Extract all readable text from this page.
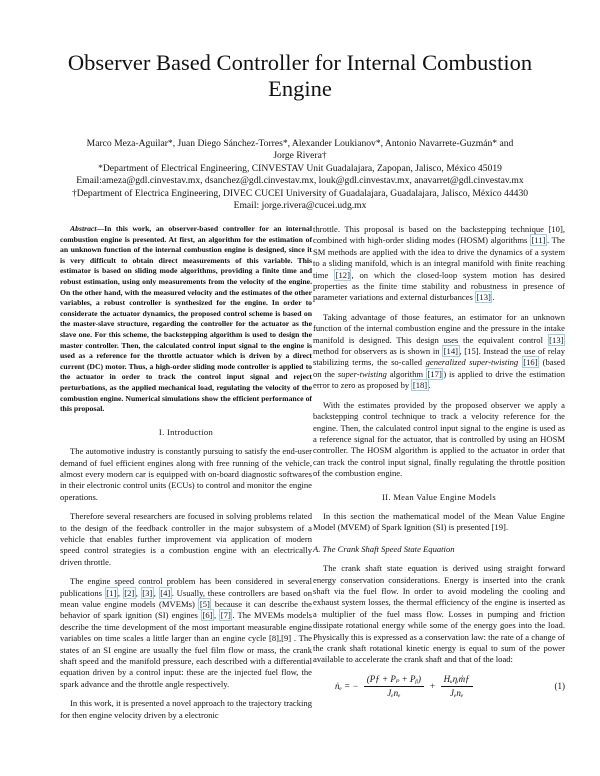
Observer Based Controller for Internal Combustion Engine
Marco Meza-Aguilar*, Juan Diego Sánchez-Torres*, Alexander Loukianov*, Antonio Navarrete-Guzmán* and
Jorge Rivera†
*Department of Electrical Engineering, CINVESTAV Unit Guadalajara, Zapopan, Jalisco, México 45019
Email:ameza@gdl.cinvestav.mx, dsanchez@gdl.cinvestav.mx, louk@gdl.cinvestav.mx, anavarret@gdl.cinvestav.mx
†Department of Electrica Engineering, DIVEC CUCEI University of Guadalajara, Guadalajara, Jalisco, México 44430
Email: jorge.rivera@cucei.udg.mx

Abstract—In this work, an observer-based controller for an internal combustion engine is presented. At first, an algorithm for the estimation of an unknown function of the internal combustion engine is designed, since it is very difficult to obtain direct measurements of this variable. This estimator is based on sliding mode algorithms, providing a finite time and robust estimation, using only measurements from the velocity of the engine. On the other hand, with the measured velocity and the estimates of the other variables, a robust controller is synthesized for the engine. In order to considerate the actuator dynamics, the proposed control scheme is based on the master-slave structure, regarding the controller for the actuator as the slave one. For this scheme, the backstepping algorithm is used to design the master controller. Then, the calculated control input signal to the engine is used as a reference for the throttle actuator which is driven by a direct current (DC) motor. Thus, a high-order sliding mode controller is applied to the actuator in order to track the control input signal and reject perturbations, as the applied mechanical load, regulating the velocity of the combustion engine. Numerical simulations show the efficient performance of this proposal.

I. Introduction

The automotive industry is constantly pursuing to satisfy the end-user demand of fuel efficient engines along with free running of the vehicle, almost every modern car is equipped with on-board diagnostic softwares in their electronic control units (ECUs) to control and monitor the engine operations.

Therefore several researchers are focused in solving problems related to the design of the feedback controller in the major subsystem of a vehicle that enables further improvement via application of modern speed control strategies is a combustion engine with an electrically driven throttle.

The engine speed control problem has been considered in several publications [1] , [2] , [3] , [4] . Usually, these controllers are based on mean value engine models (MVEMs) [5] because it can describe the behavior of spark ignition (SI) engines [6] , [7] . The MVEMs models describe the time development of the most important measurable engine variables on time scales a little larger than an engine cycle [8],[9] . The states of an SI engine are usually the fuel film flow or mass, the crank shaft speed and the manifold pressure, each described with a differential equation driven by a control input: these are the injected fuel flow, the spark advance and the throttle angle respectively.

In this work, it is presented a novel approach to the trajectory tracking for then engine velocity driven by a electronic

throttle. This proposal is based on the backstepping technique [10], combined with high-order sliding modes (HOSM) algorithms [11] . The SM methods are applied with the idea to drive the dynamics of a system to a sliding manifold, which is an integral manifold with finite reaching time [12] , on which the closed-loop system motion has desired properties as the finite time stability and robustness in presence of parameter variations and external disturbances [13] .

Taking advantage of those features, an estimator for an unknown function of the internal combustion engine and the pressure in the intake manifold is designed. This design uses the equivalent control [13] method for observers as is shown in [14] , [15]. Instead the use of relay stabilizing terms, the so-called generalized super-twisting [16] (based on the super-twisting algorithm [17] ) is applied to drive the estimation error to zero as proposed by [18] .

With the estimates provided by the proposed observer we apply a backstepping control technique to track a velocity reference for the engine. Then, the calculated control input signal to the engine is used as a reference signal for the actuator, that is controlled by using an HOSM controller. The HOSM algorithm is applied to the actuator in order that can track the control input signal, finally regulating the throttle position of the combustion engine.

II. Mean Value Engine Models

In this section the mathematical model of the Mean Value Engine Model (MVEM) of Spark Ignition (SI) is presented [19].

A. The Crank Shaft Speed State Equation

The crank shaft state equation is derived using straight forward energy conservation considerations. Energy is inserted into the crank shaft via the fuel flow. In order to avoid modeling the cooling and exhaust system losses, the thermal efficiency of the engine is inserted as a multiplier of the fuel mass flow. Losses in pumping and friction dissipate rotational energy while some of the energy goes into the load. Physically this is expressed as a conservation law: the rate of a change of the crank shaft rotational kinetic energy is equal to sum of the power available to accelerate the crank shaft and that of the load:

ṅₑ = − $\frac{\text{(Pƒ + Pₚ + Pᵦ)}}{\text{Jₑnₑ}} + \frac{\text{Hᵤηᵢṁƒ}}{\text{Jₑnₑ}}$	(1)
